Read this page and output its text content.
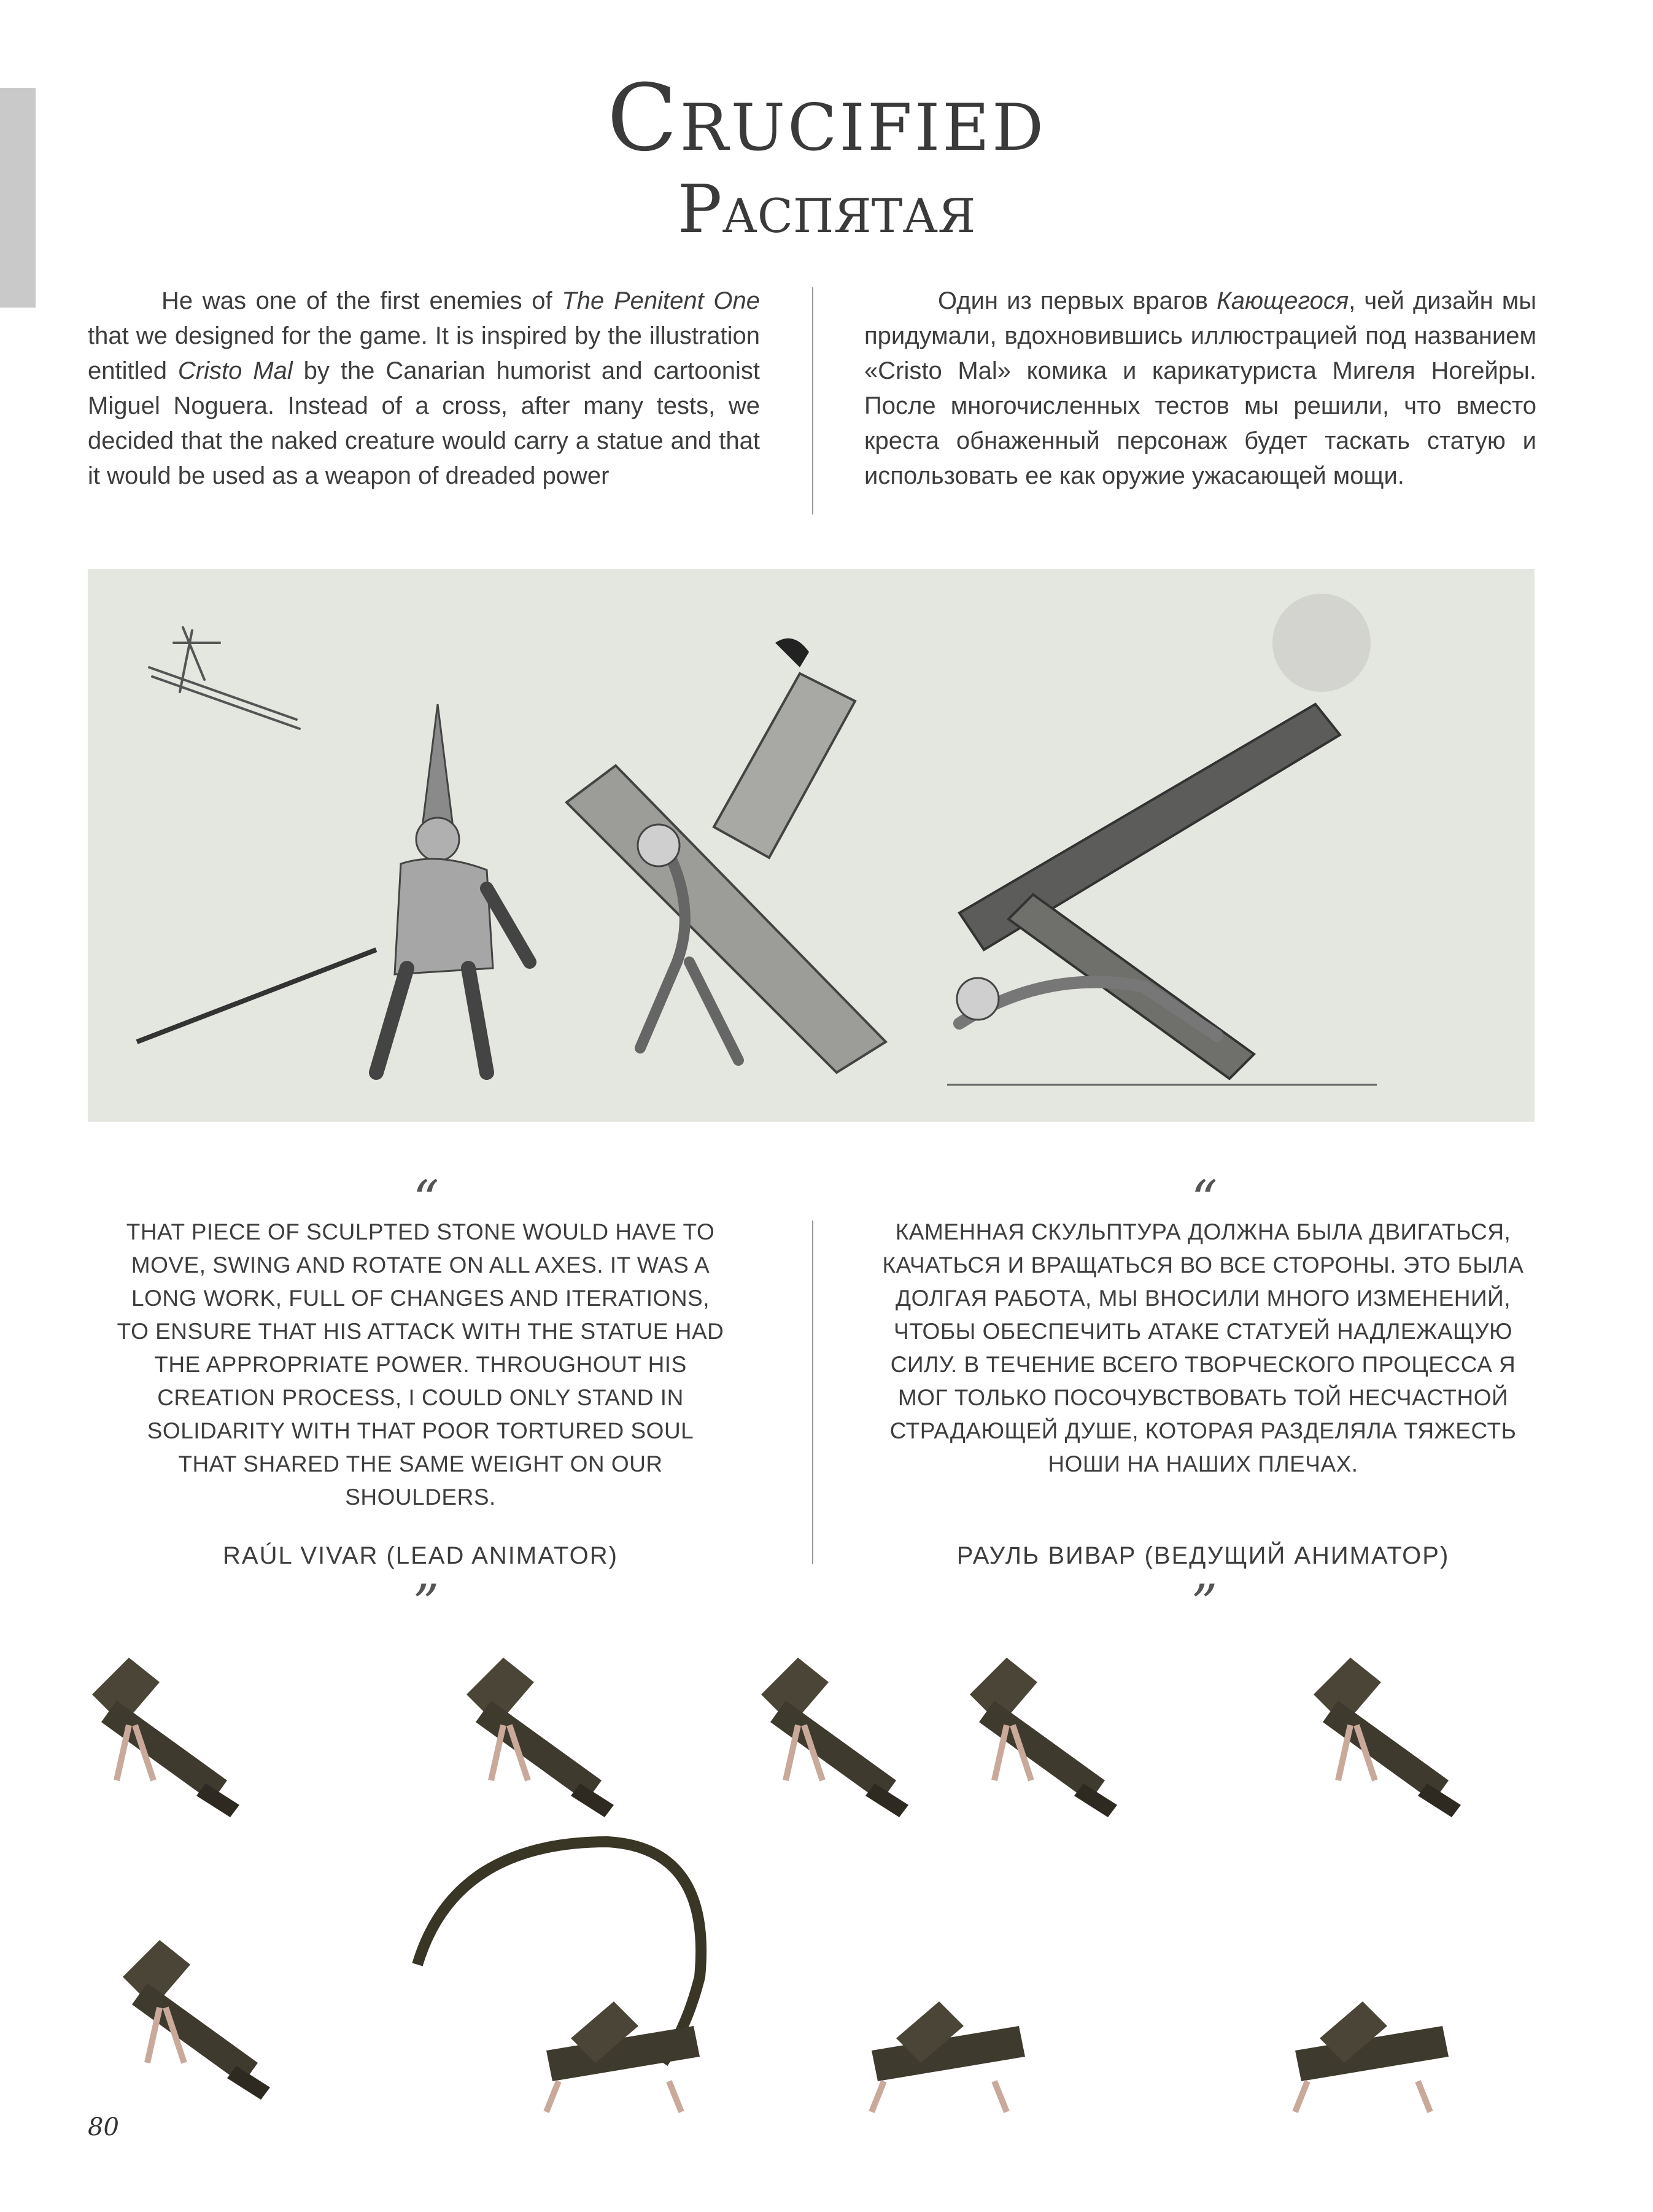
Crucified
Распятая

He was one of the first enemies of The Penitent One that we designed for the game. It is inspired by the illustration entitled Cristo Mal by the Canarian humorist and cartoonist Miguel Noguera. Instead of a cross, after many tests, we decided that the naked creature would carry a statue and that it would be used as a weapon of dreaded power

Один из первых врагов Кающегося, чей дизайн мы придумали, вдохновившись иллюстрацией под названием «Cristo Mal» комика и карикатуриста Мигеля Ногейры. После многочисленных тестов мы решили, что вместо креста обнаженный персонаж будет таскать статую и использовать ее как оружие ужасающей мощи.

“
THAT PIECE OF SCULPTED STONE WOULD HAVE TO MOVE, SWING AND ROTATE ON ALL AXES. IT WAS A LONG WORK, FULL OF CHANGES AND ITERATIONS, TO ENSURE THAT HIS ATTACK WITH THE STATUE HAD THE APPROPRIATE POWER. THROUGHOUT HIS CREATION PROCESS, I COULD ONLY STAND IN SOLIDARITY WITH THAT POOR TORTURED SOUL THAT SHARED THE SAME WEIGHT ON OUR SHOULDERS.
RAÚL VIVAR (LEAD ANIMATOR)
”
“
КАМЕННАЯ СКУЛЬПТУРА ДОЛЖНА БЫЛА ДВИГАТЬСЯ, КАЧАТЬСЯ И ВРАЩАТЬСЯ ВО ВСЕ СТОРОНЫ. ЭТО БЫЛА ДОЛГАЯ РАБОТА, МЫ ВНОСИЛИ МНОГО ИЗМЕНЕНИЙ, ЧТОБЫ ОБЕСПЕЧИТЬ АТАКЕ СТАТУЕЙ НАДЛЕЖАЩУЮ СИЛУ. В ТЕЧЕНИЕ ВСЕГО ТВОРЧЕСКОГО ПРОЦЕССА Я МОГ ТОЛЬКО ПОСОЧУВСТВОВАТЬ ТОЙ НЕСЧАСТНОЙ СТРАДАЮЩЕЙ ДУШЕ, КОТОРАЯ РАЗДЕЛЯЛА ТЯЖЕСТЬ НОШИ НА НАШИХ ПЛЕЧАХ.
РАУЛЬ ВИВАР (ВЕДУЩИЙ АНИМАТОР)
”
80
